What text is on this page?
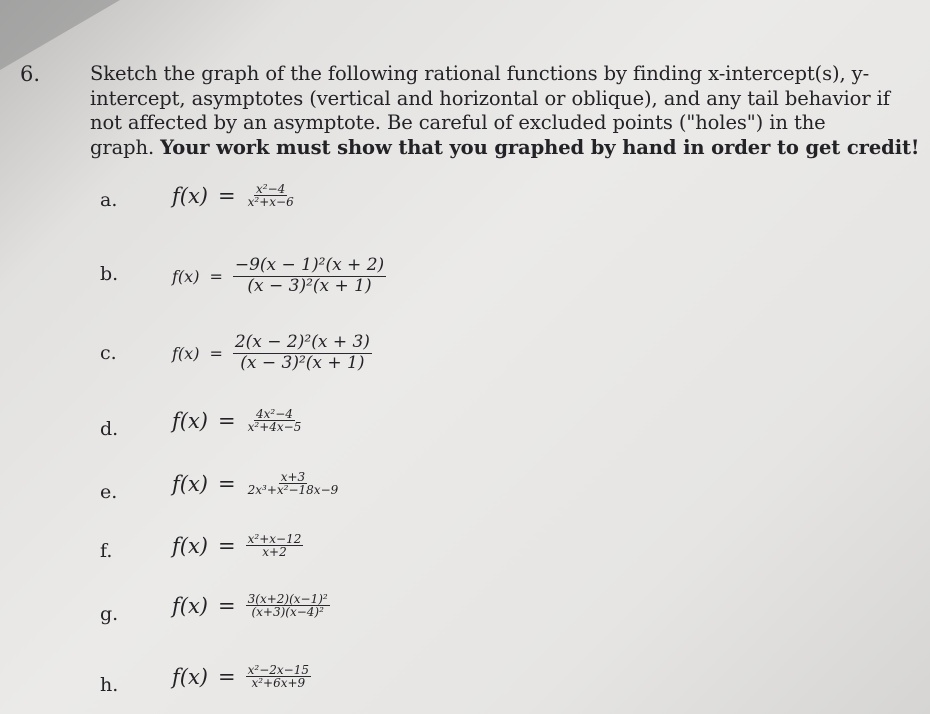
6.	Sketch the graph of the following rational functions by finding x-intercept(s), y-
intercept, asymptotes (vertical and horizontal or oblique), and any tail behavior if
not affected by an asymptote. Be careful of excluded points ("holes") in the
graph. Your work must show that you graphed by hand in order to get credit!
a.	$f(x) = \frac{\text{x²−4}}{\text{x²+x−6}}$
b.	$f(x) = \frac{\text{−9(x − 1)²(x + 2)}}{\text{(x − 3)²(x + 1)}}$
c.	$f(x) = \frac{\text{2(x − 2)²(x + 3)}}{\text{(x − 3)²(x + 1)}}$
d.	$f(x) = \frac{\text{4x²−4}}{\text{x²+4x−5}}$
e.	$f(x) = \frac{x+3}{\text{2x³+x²−18x−9}}$
f.	$f(x) = \frac{\text{x²+x−12}}{x+2}$
g.	$f(x) = \frac{\text{3(x+2)(x−1)²}}{\text{(x+3)(x−4)²}}$
h.	$f(x) = \frac{\text{x²−2x−15}}{\text{x²+6x+9}}$
